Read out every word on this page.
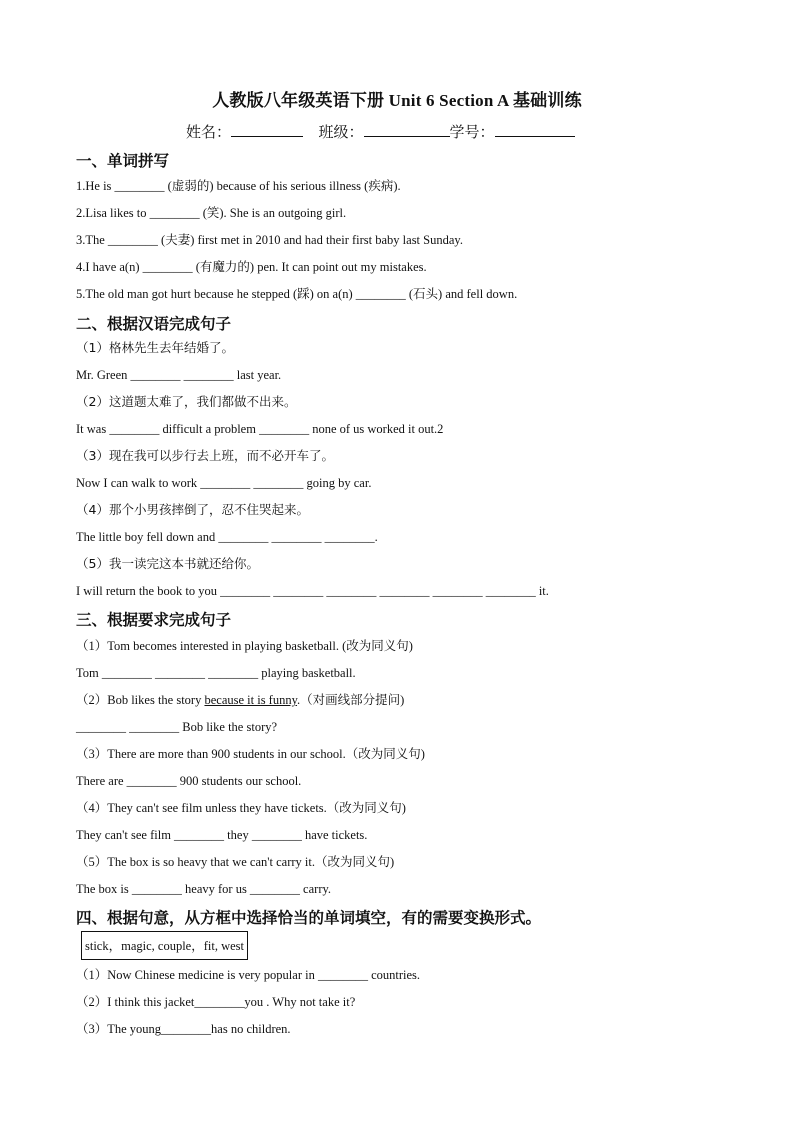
人教版八年级英语下册 Unit 6 Section A 基础训练
姓名：	班级：	学号：
一、单词拼写
1.He is ________ (虚弱的) because of his serious illness (疾病).
2.Lisa likes to ________ (笑). She is an outgoing girl.
3.The ________ (夫妻) first met in 2010 and had their first baby last Sunday.
4.I have a(n) ________ (有魔力的) pen. It can point out my mistakes.
5.The old man got hurt because he stepped (踩) on a(n) ________ (石头) and fell down.
二、根据汉语完成句子
（1）格林先生去年结婚了。
Mr. Green ________ ________ last year.
（2）这道题太难了，我们都做不出来。
It was ________ difficult a problem ________ none of us worked it out.2
（3）现在我可以步行去上班，而不必开车了。
Now I can walk to work ________ ________ going by car.
（4）那个小男孩摔倒了，忍不住哭起来。
The little boy fell down and ________ ________ ________.
（5）我一读完这本书就还给你。
I will return the book to you ________ ________ ________ ________ ________ ________ it.
三、根据要求完成句子
（1）Tom becomes interested in playing basketball. (改为同义句)
Tom ________ ________ ________ playing basketball.
（2）Bob likes the story because it is funny.（对画线部分提问)
________ ________ Bob like the story?
（3）There are more than 900 students in our school.（改为同义句)
There are ________ 900 students our school.
（4）They can't see film unless they have tickets.（改为同义句)
They can't see film ________ they ________ have tickets.
（5）The box is so heavy that we can't carry it.（改为同义句)
The box is ________ heavy for us ________ carry.
四、根据句意，从方框中选择恰当的单词填空，有的需要变换形式。
stick，magic, couple，fit, west
（1）Now Chinese medicine is very popular in ________ countries.
（2）I think this jacket________you . Why not take it?
（3）The young________has no children.
